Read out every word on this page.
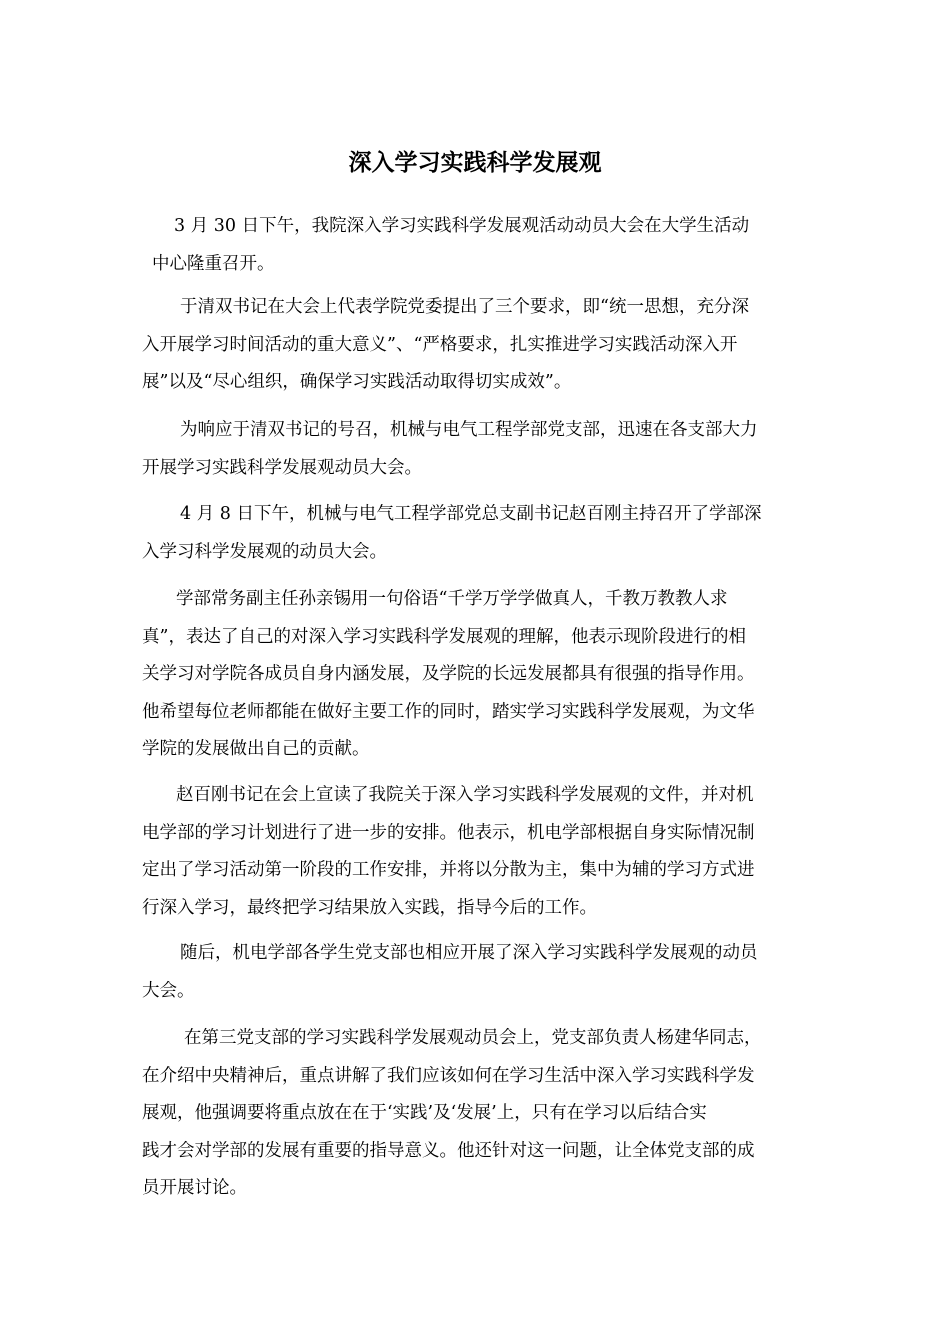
深入学习实践科学发展观
3 月 30 日下午，我院深入学习实践科学发展观活动动员大会在大学生活动
中心隆重召开。
于清双书记在大会上代表学院党委提出了三个要求，即“统一思想，充分深
入开展学习时间活动的重大意义”、“严格要求，扎实推进学习实践活动深入开
展”以及“尽心组织，确保学习实践活动取得切实成效”。
为响应于清双书记的号召，机械与电气工程学部党支部，迅速在各支部大力
开展学习实践科学发展观动员大会。
4 月 8 日下午，机械与电气工程学部党总支副书记赵百刚主持召开了学部深
入学习科学发展观的动员大会。
学部常务副主任孙亲锡用一句俗语“千学万学学做真人，千教万教教人求
真”，表达了自己的对深入学习实践科学发展观的理解，他表示现阶段进行的相
关学习对学院各成员自身内涵发展，及学院的长远发展都具有很强的指导作用。
他希望每位老师都能在做好主要工作的同时，踏实学习实践科学发展观，为文华
学院的发展做出自己的贡献。
赵百刚书记在会上宣读了我院关于深入学习实践科学发展观的文件，并对机
电学部的学习计划进行了进一步的安排。他表示，机电学部根据自身实际情况制
定出了学习活动第一阶段的工作安排，并将以分散为主，集中为辅的学习方式进
行深入学习，最终把学习结果放入实践，指导今后的工作。
随后，机电学部各学生党支部也相应开展了深入学习实践科学发展观的动员
大会。
在第三党支部的学习实践科学发展观动员会上，党支部负责人杨建华同志，
在介绍中央精神后，重点讲解了我们应该如何在学习生活中深入学习实践科学发
展观，他强调要将重点放在在于‘实践’及‘发展’上，只有在学习以后结合实
践才会对学部的发展有重要的指导意义。他还针对这一问题，让全体党支部的成
员开展讨论。
